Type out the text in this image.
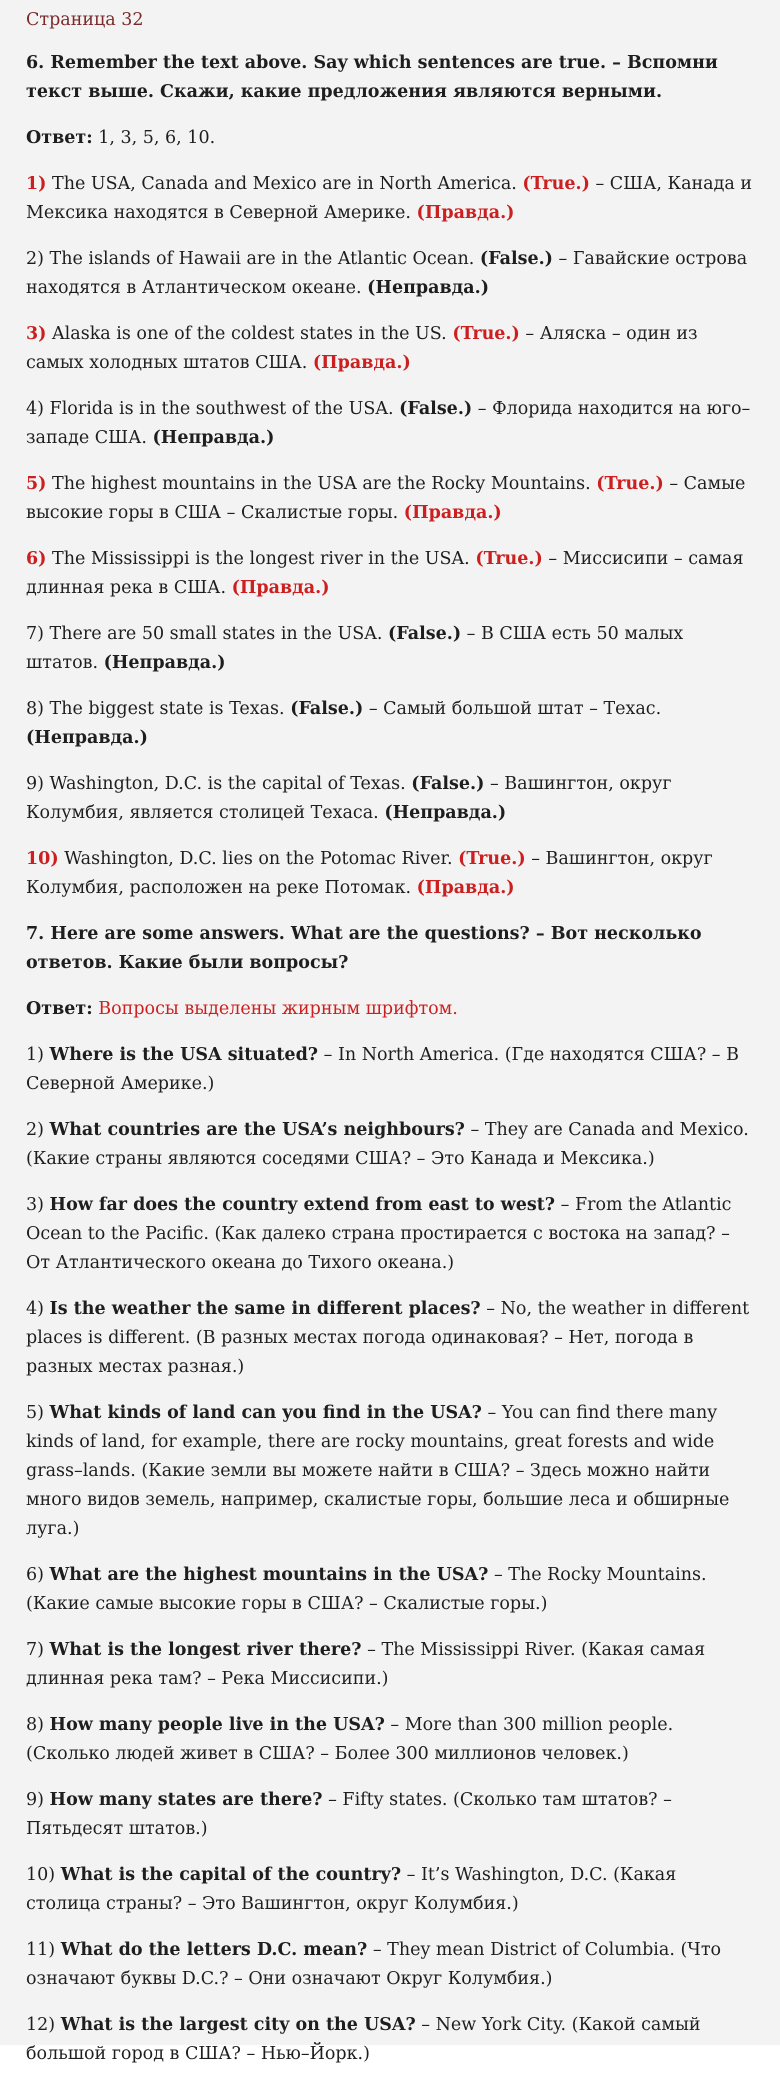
Страница 32

6. Remember the text above. Say which sentences are true. – Вспомни текст выше. Скажи, какие предложения являются верными.

Ответ: 1, 3, 5, 6, 10.

1) The USA, Canada and Mexico are in North America. (True.) – США, Канада и Мексика находятся в Северной Америке. (Правда.)

2) The islands of Hawaii are in the Atlantic Ocean. (False.) – Гавайские острова находятся в Атлантическом океане. (Неправда.)

3) Alaska is one of the coldest states in the US. (True.) – Аляска – один из самых холодных штатов США. (Правда.)

4) Florida is in the southwest of the USA. (False.) – Флорида находится на юго–западе США. (Неправда.)

5) The highest mountains in the USA are the Rocky Mountains. (True.) – Самые высокие горы в США – Скалистые горы. (Правда.)

6) The Mississippi is the longest river in the USA. (True.) – Миссисипи – самая длинная река в США. (Правда.)

7) There are 50 small states in the USA. (False.) – В США есть 50 малых штатов. (Неправда.)

8) The biggest state is Texas. (False.) – Самый большой штат – Техас. (Неправда.)

9) Washington, D.C. is the capital of Texas. (False.) – Вашингтон, округ Колумбия, является столицей Техаса. (Неправда.)

10) Washington, D.C. lies on the Potomac River. (True.) – Вашингтон, округ Колумбия, расположен на реке Потомак. (Правда.)

7. Here are some answers. What are the questions? – Вот несколько ответов. Какие были вопросы?

Ответ: Вопросы выделены жирным шрифтом.

1) Where is the USA situated? – In North America. (Где находятся США? – В Северной Америке.)

2) What countries are the USA’s neighbours? – They are Canada and Mexico. (Какие страны являются соседями США? – Это Канада и Мексика.)

3) How far does the country extend from east to west? – From the Atlantic Ocean to the Pacific. (Как далеко страна простирается с востока на запад? – От Атлантического океана до Тихого океана.)

4) Is the weather the same in different places? – No, the weather in different places is different. (В разных местах погода одинаковая? – Нет, погода в разных местах разная.)

5) What kinds of land can you find in the USA? – You can find there many kinds of land, for example, there are rocky mountains, great forests and wide grass–lands. (Какие земли вы можете найти в США? – Здесь можно найти много видов земель, например, скалистые горы, большие леса и обширные луга.)

6) What are the highest mountains in the USA? – The Rocky Mountains. (Какие самые высокие горы в США? – Скалистые горы.)

7) What is the longest river there? – The Mississippi River. (Какая самая длинная река там? – Река Миссисипи.)

8) How many people live in the USA? – More than 300 million people. (Сколько людей живет в США? – Более 300 миллионов человек.)

9) How many states are there? – Fifty states. (Сколько там штатов? – Пятьдесят штатов.)

10) What is the capital of the country? – It’s Washington, D.C. (Какая столица страны? – Это Вашингтон, округ Колумбия.)

11) What do the letters D.C. mean? – They mean District of Columbia. (Что означают буквы D.C.? – Они означают Округ Колумбия.)

12) What is the largest city on the USA? – New York City. (Какой самый большой город в США? – Нью–Йорк.)
